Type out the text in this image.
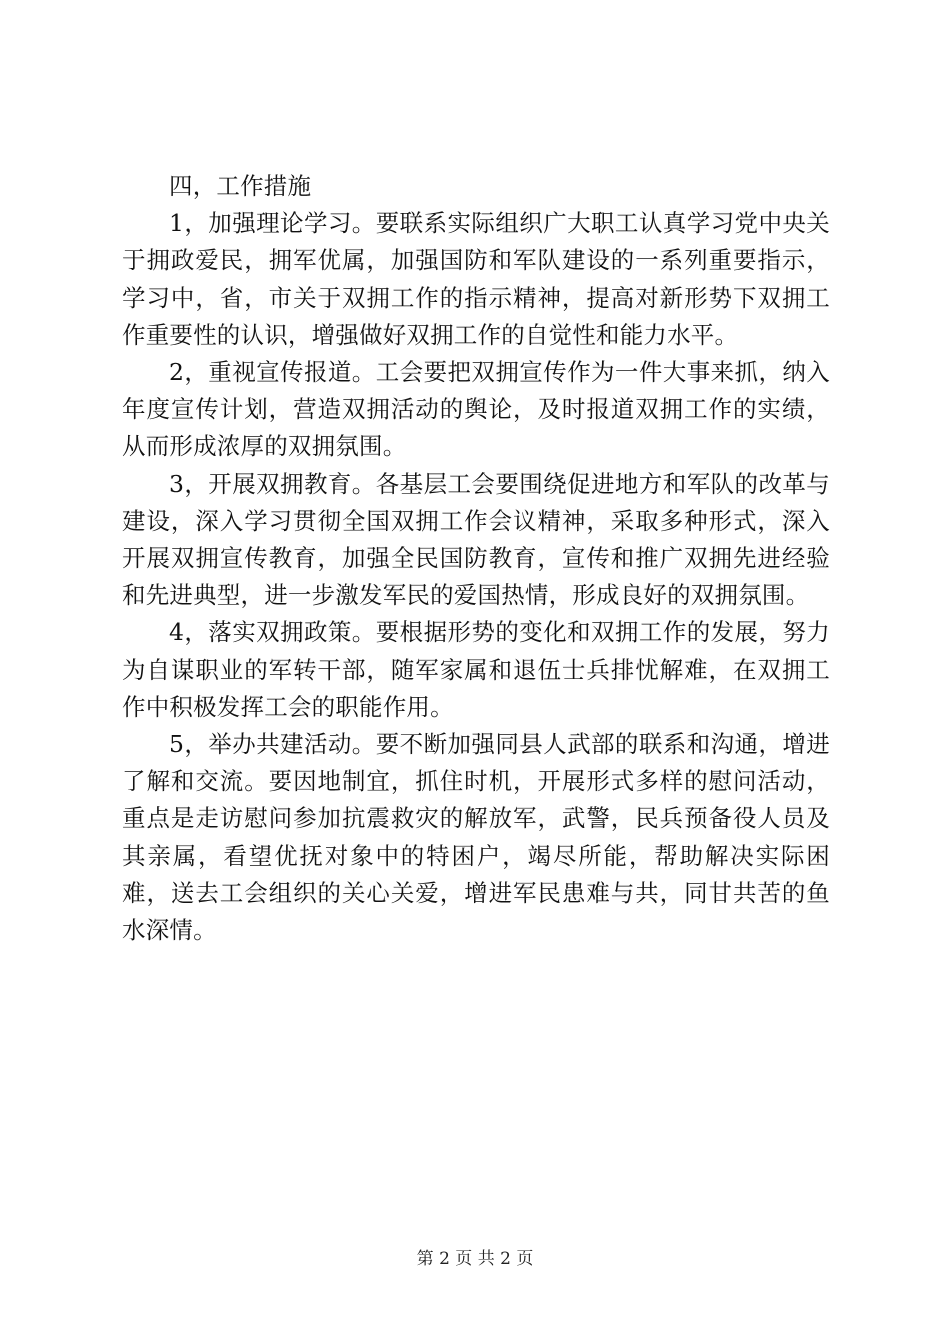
四，工作措施

1，加强理论学习。要联系实际组织广大职工认真学习党中央关于拥政爱民，拥军优属，加强国防和军队建设的一系列重要指示，学习中，省，市关于双拥工作的指示精神，提高对新形势下双拥工作重要性的认识，增强做好双拥工作的自觉性和能力水平。

2，重视宣传报道。工会要把双拥宣传作为一件大事来抓，纳入年度宣传计划，营造双拥活动的舆论，及时报道双拥工作的实绩，从而形成浓厚的双拥氛围。

3，开展双拥教育。各基层工会要围绕促进地方和军队的改革与建设，深入学习贯彻全国双拥工作会议精神，采取多种形式，深入开展双拥宣传教育，加强全民国防教育，宣传和推广双拥先进经验和先进典型，进一步激发军民的爱国热情，形成良好的双拥氛围。

4，落实双拥政策。要根据形势的变化和双拥工作的发展，努力为自谋职业的军转干部，随军家属和退伍士兵排忧解难，在双拥工作中积极发挥工会的职能作用。

5，举办共建活动。要不断加强同县人武部的联系和沟通，增进了解和交流。要因地制宜，抓住时机，开展形式多样的慰问活动，重点是走访慰问参加抗震救灾的解放军，武警，民兵预备役人员及其亲属，看望优抚对象中的特困户，竭尽所能，帮助解决实际困难，送去工会组织的关心关爱，增进军民患难与共，同甘共苦的鱼水深情。

第 2 页 共 2 页
